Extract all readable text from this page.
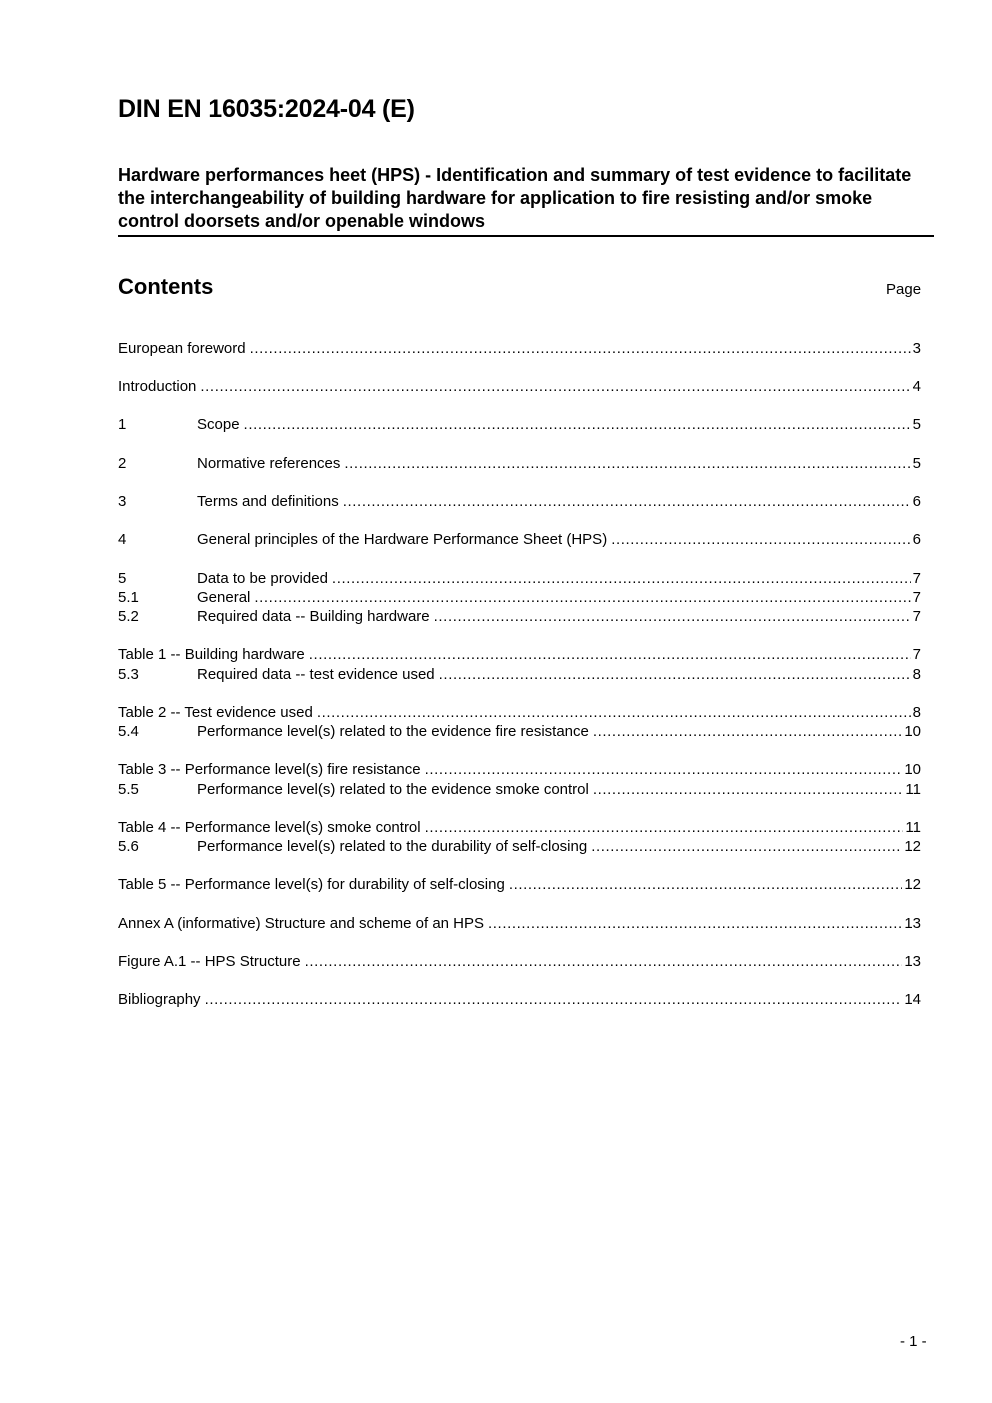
DIN EN 16035:2024-04 (E)

Hardware performances heet (HPS) - Identification and summary of test evidence to facilitate the interchangeability of building hardware for application to fire resisting and/or smoke control doorsets and/or openable windows

Contents	Page
European foreword .....	3
Introduction .....	4
1	Scope .....	5
2	Normative references .....	5
3	Terms and definitions .....	6
4	General principles of the Hardware Performance Sheet (HPS) .....	6
5	Data to be provided .....	7
5.1	General .....	7
5.2	Required data -- Building hardware .....	7
Table 1 -- Building hardware .....	7
5.3	Required data -- test evidence used .....	8
Table 2 -- Test evidence used .....	8
5.4	Performance level(s) related to the evidence fire resistance .....	10
Table 3 -- Performance level(s) fire resistance .....	10
5.5	Performance level(s) related to the evidence smoke control .....	11
Table 4 -- Performance level(s) smoke control .....	11
5.6	Performance level(s) related to the durability of self-closing .....	12
Table 5 -- Performance level(s) for durability of self-closing .....	12
Annex A (informative) Structure and scheme of an HPS .....	13
Figure A.1 -- HPS Structure .....	13
Bibliography .....	14
- 1 -
